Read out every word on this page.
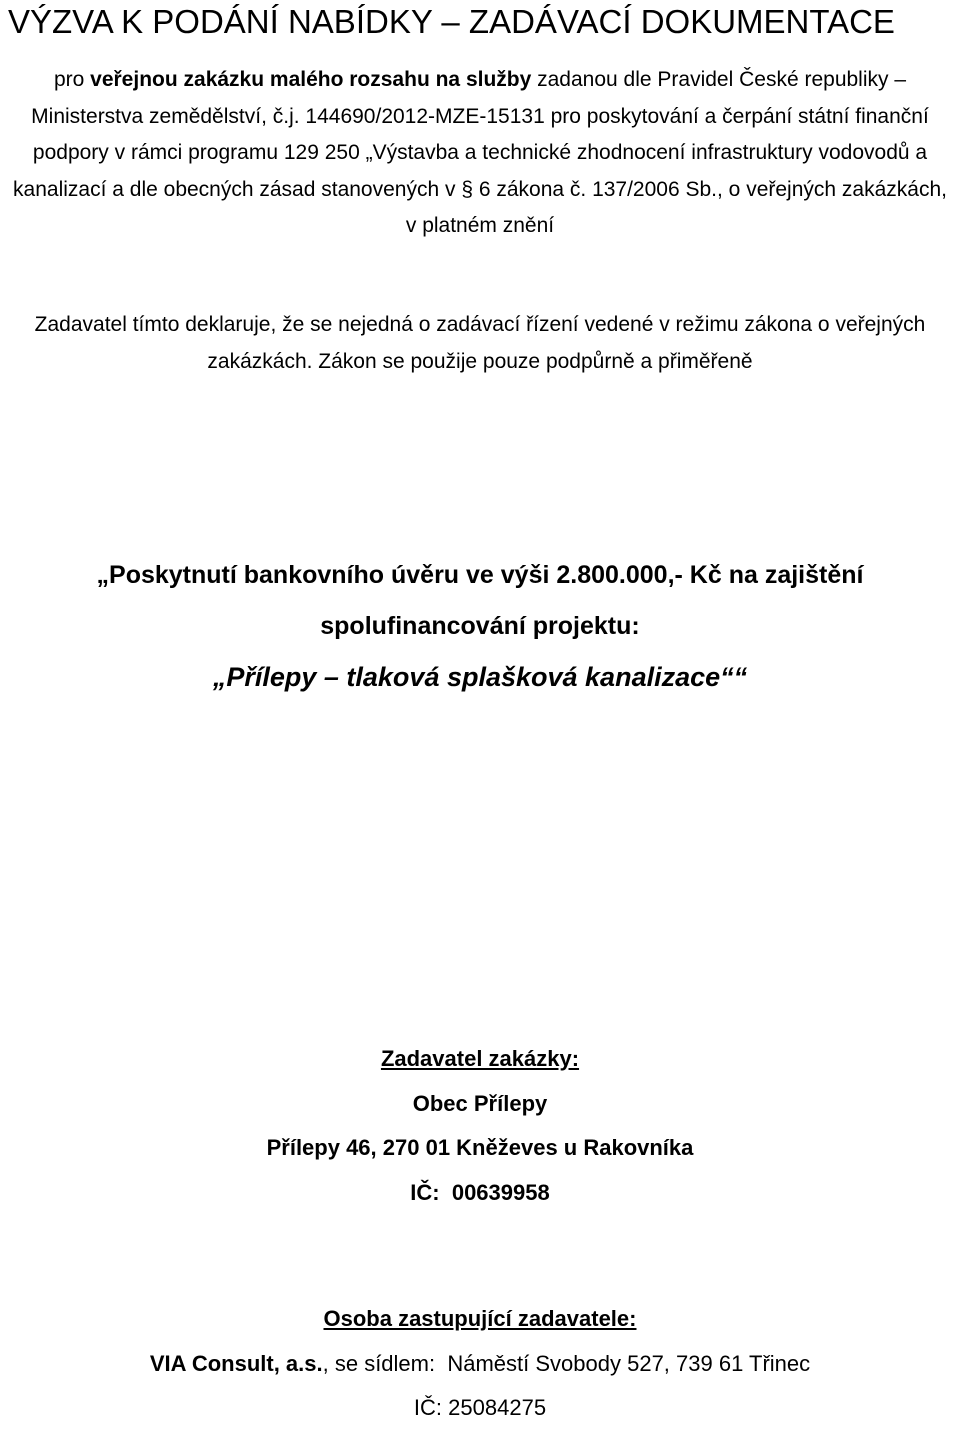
VÝZVA K PODÁNÍ NABÍDKY – ZADÁVACÍ DOKUMENTACE

pro veřejnou zakázku malého rozsahu na služby zadanou dle Pravidel České republiky – Ministerstva zemědělství, č.j. 144690/2012-MZE-15131 pro poskytování a čerpání státní finanční podpory v rámci programu 129 250 „Výstavba a technické zhodnocení infrastruktury vodovodů a kanalizací a dle obecných zásad stanovených v § 6 zákona č. 137/2006 Sb., o veřejných zakázkách, v platném znění

Zadavatel tímto deklaruje, že se nejedná o zadávací řízení vedené v režimu zákona o veřejných zakázkách. Zákon se použije pouze podpůrně a přiměřeně

„Poskytnutí bankovního úvěru ve výši 2.800.000,- Kč na zajištění
spolufinancování projektu:
„Přílepy – tlaková splašková kanalizace““
Zadavatel zakázky:
Obec Přílepy
Přílepy 46, 270 01 Kněževes u Rakovníka
IČ: 00639958
Osoba zastupující zadavatele:
VIA Consult, a.s., se sídlem: Náměstí Svobody 527, 739 61 Třinec
IČ: 25084275
